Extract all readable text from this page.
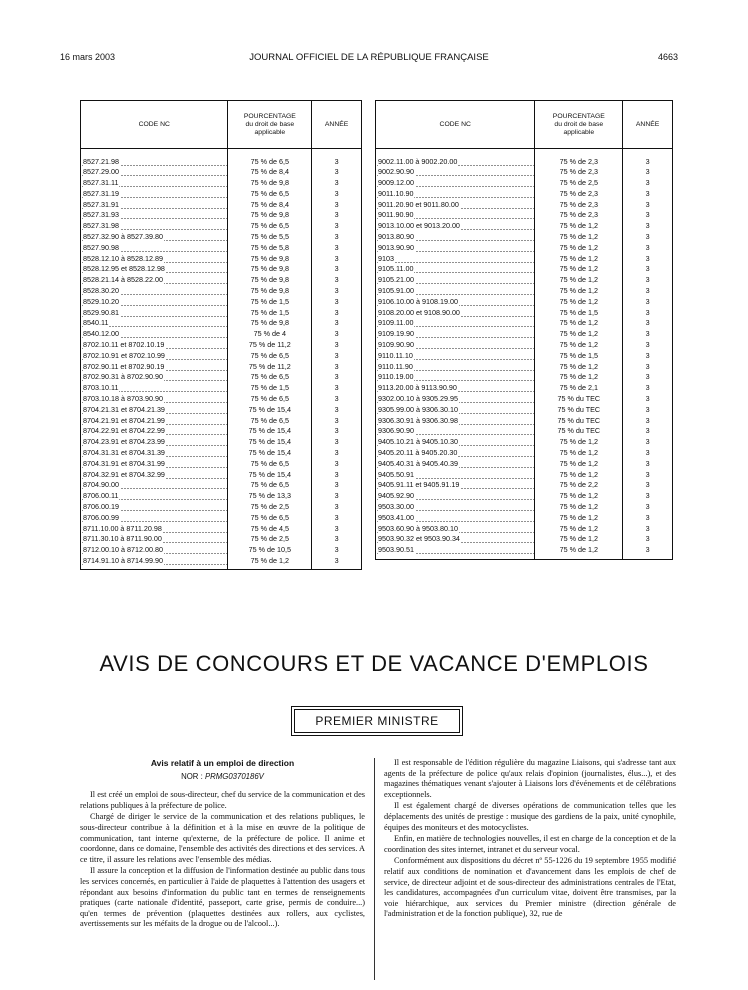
16 mars 2003	JOURNAL OFFICIEL DE LA RÉPUBLIQUE FRANÇAISE	4663
CODE NC	POURCENTAGE
du droit de base
applicable	ANNÉE

8527.21.98	75 % de 6,5	3
8527.29.00	75 % de 8,4	3
8527.31.11	75 % de 9,8	3
8527.31.19	75 % de 6,5	3
8527.31.91	75 % de 8,4	3
8527.31.93	75 % de 9,8	3
8527.31.98	75 % de 6,5	3
8527.32.90 à 8527.39.80	75 % de 5,5	3
8527.90.98	75 % de 5,8	3
8528.12.10 à 8528.12.89	75 % de 9,8	3
8528.12.95 et 8528.12.98	75 % de 9,8	3
8528.21.14 à 8528.22.00	75 % de 9,8	3
8528.30.20	75 % de 9,8	3
8529.10.20	75 % de 1,5	3
8529.90.81	75 % de 1,5	3
8540.11	75 % de 9,8	3
8540.12.00	75 % de 4	3
8702.10.11 et 8702.10.19	75 % de 11,2	3
8702.10.91 et 8702.10.99	75 % de 6,5	3
8702.90.11 et 8702.90.19	75 % de 11,2	3
8702.90.31 à 8702.90.90	75 % de 6,5	3
8703.10.11	75 % de 1,5	3
8703.10.18 à 8703.90.90	75 % de 6,5	3
8704.21.31 et 8704.21.39	75 % de 15,4	3
8704.21.91 et 8704.21.99	75 % de 6,5	3
8704.22.91 et 8704.22.99	75 % de 15,4	3
8704.23.91 et 8704.23.99	75 % de 15,4	3
8704.31.31 et 8704.31.39	75 % de 15,4	3
8704.31.91 et 8704.31.99	75 % de 6,5	3
8704.32.91 et 8704.32.99	75 % de 15,4	3
8704.90.00	75 % de 6,5	3
8706.00.11	75 % de 13,3	3
8706.00.19	75 % de 2,5	3
8706.00.99	75 % de 6,5	3
8711.10.00 à 8711.20.98	75 % de 4,5	3
8711.30.10 à 8711.90.00	75 % de 2,5	3
8712.00.10 à 8712.00.80	75 % de 10,5	3
8714.91.10 à 8714.99.90	75 % de 1,2	3
CODE NC	POURCENTAGE
du droit de base
applicable	ANNÉE

9002.11.00 à 9002.20.00	75 % de 2,3	3
9002.90.90	75 % de 2,3	3
9009.12.00	75 % de 2,5	3
9011.10.90	75 % de 2,3	3
9011.20.90 et 9011.80.00	75 % de 2,3	3
9011.90.90	75 % de 2,3	3
9013.10.00 et 9013.20.00	75 % de 1,2	3
9013.80.90	75 % de 1,2	3
9013.90.90	75 % de 1,2	3
9103	75 % de 1,2	3
9105.11.00	75 % de 1,2	3
9105.21.00	75 % de 1,2	3
9105.91.00	75 % de 1,2	3
9106.10.00 à 9108.19.00	75 % de 1,2	3
9108.20.00 et 9108.90.00	75 % de 1,5	3
9109.11.00	75 % de 1,2	3
9109.19.90	75 % de 1,2	3
9109.90.90	75 % de 1,2	3
9110.11.10	75 % de 1,5	3
9110.11.90	75 % de 1,2	3
9110.19.00	75 % de 1,2	3
9113.20.00 à 9113.90.90	75 % de 2,1	3
9302.00.10 à 9305.29.95	75 % du TEC	3
9305.99.00 à 9306.30.10	75 % du TEC	3
9306.30.91 à 9306.30.98	75 % du TEC	3
9306.90.90	75 % du TEC	3
9405.10.21 à 9405.10.30	75 % de 1,2	3
9405.20.11 à 9405.20.30	75 % de 1,2	3
9405.40.31 à 9405.40.39	75 % de 1,2	3
9405.50.91	75 % de 1,2	3
9405.91.11 et 9405.91.19	75 % de 2,2	3
9405.92.90	75 % de 1,2	3
9503.30.00	75 % de 1,2	3
9503.41.00	75 % de 1,2	3
9503.60.90 à 9503.80.10	75 % de 1,2	3
9503.90.32 et 9503.90.34	75 % de 1,2	3
9503.90.51	75 % de 1,2	3
AVIS DE CONCOURS ET DE VACANCE D'EMPLOIS
PREMIER MINISTRE
Avis relatif à un emploi de direction
NOR : PRMG0370186V

Il est créé un emploi de sous-directeur, chef du service de la communication et des relations publiques à la préfecture de police.

Chargé de diriger le service de la communication et des relations publiques, le sous-directeur contribue à la définition et à la mise en œuvre de la politique de communication, tant interne qu'externe, de la préfecture de police. Il anime et coordonne, dans ce domaine, l'ensemble des activités des directions et des services. A ce titre, il assure les relations avec l'ensemble des médias.

Il assure la conception et la diffusion de l'information destinée au public dans tous les services concernés, en particulier à l'aide de plaquettes à l'attention des usagers et répondant aux besoins d'information du public tant en termes de renseignements pratiques (carte nationale d'identité, passeport, carte grise, permis de conduire...) qu'en termes de prévention (plaquettes destinées aux rollers, aux cyclistes, avertissements sur les méfaits de la drogue ou de l'alcool...).

Il est responsable de l'édition régulière du magazine Liaisons, qui s'adresse tant aux agents de la préfecture de police qu'aux relais d'opinion (journalistes, élus...), et des magazines thématiques venant s'ajouter à Liaisons lors d'événements et de célébrations exceptionnels.

Il est également chargé de diverses opérations de communication telles que les déplacements des unités de prestige : musique des gardiens de la paix, unité cynophile, équipes des moniteurs et des motocyclistes.

Enfin, en matière de technologies nouvelles, il est en charge de la conception et de la coordination des sites internet, intranet et du serveur vocal.

Conformément aux dispositions du décret nº 55-1226 du 19 septembre 1955 modifié relatif aux conditions de nomination et d'avancement dans les emplois de chef de service, de directeur adjoint et de sous-directeur des administrations centrales de l'Etat, les candidatures, accompagnées d'un curriculum vitae, doivent être transmises, par la voie hiérarchique, aux services du Premier ministre (direction générale de l'administration et de la fonction publique), 32, rue de
